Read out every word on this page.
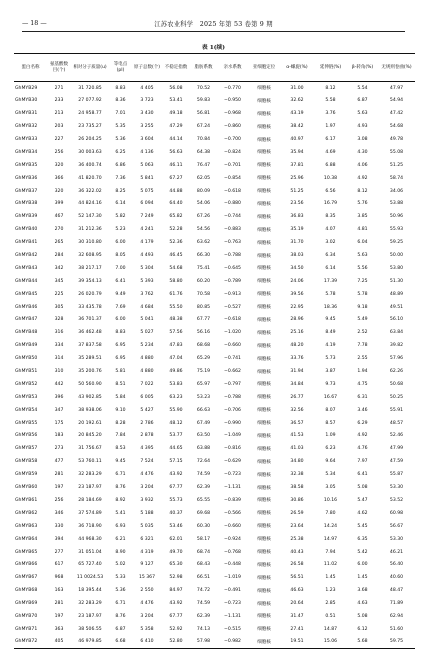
— 18 —	江苏农业科学　2025 年第 53 卷第 9 期
表 1(续)
蛋白名称	氨基酸数目(个)	相对分子质量(u)	等电点(pI)	原子总数(个)	不稳定指数	脂肪系数	亲水系数	亚细胞定位	α-螺旋(%)	延伸链(%)	β-转角(%)	无规则卷曲(%)
GhMYB29	271	31 720.85	8.83	4 405	56.08	70.52	−0.770	细胞核	31.00	8.12	5.54	47.97
GhMYB30	233	27 077.92	8.36	3 723	53.41	59.83	−0.950	细胞核	32.62	5.58	6.87	54.94
GhMYB31	213	24 958.77	7.01	3 430	49.18	56.81	−0.968	细胞核	43.19	3.76	5.63	47.42
GhMYB32	203	23 735.27	5.35	3 255	47.29	67.24	−0.860	细胞核	38.42	1.97	4.93	54.68
GhMYB33	227	26 204.25	5.36	3 604	44.14	70.84	−0.700	细胞核	40.97	6.17	3.08	49.78
GhMYB34	256	30 003.63	6.25	4 136	56.63	64.38	−0.824	细胞核	35.94	4.69	4.30	55.08
GhMYB35	320	36 400.74	6.86	5 063	46.11	76.47	−0.701	细胞核	37.81	6.88	4.06	51.25
GhMYB36	366	41 820.70	7.36	5 841	67.27	62.05	−0.854	细胞核	25.96	10.38	4.92	58.74
GhMYB37	320	36 322.02	8.25	5 075	44.88	80.09	−0.618	细胞核	51.25	6.56	8.12	34.06
GhMYB38	399	44 824.16	6.14	6 094	64.40	54.06	−0.880	细胞核	23.56	16.79	5.76	53.88
GhMYB39	467	52 147.30	5.82	7 249	65.82	67.26	−0.744	细胞核	36.83	8.35	3.85	50.96
GhMYB40	270	31 212.36	5.23	4 241	52.28	54.56	−0.883	细胞核	35.19	4.07	4.81	55.93
GhMYB41	265	30 310.80	6.00	4 179	52.36	63.62	−0.763	细胞核	31.70	3.02	6.04	59.25
GhMYB42	284	32 608.95	8.05	4 493	46.45	66.30	−0.788	细胞核	38.03	6.34	5.63	50.00
GhMYB43	342	38 217.17	7.00	5 304	54.68	75.41	−0.645	细胞核	34.50	6.14	5.56	53.80
GhMYB44	345	39 354.13	6.41	5 393	58.80	60.20	−0.789	细胞核	24.06	17.39	7.25	51.30
GhMYB45	225	26 020.79	9.49	3 762	61.76	70.58	−0.913	细胞核	39.56	5.78	5.78	48.89
GhMYB46	305	33 435.78	7.69	4 684	55.50	80.85	−0.527	细胞核	22.95	18.36	9.18	49.51
GhMYB47	328	36 701.37	6.00	5 041	48.38	67.77	−0.618	细胞核	28.96	9.45	5.49	56.10
GhMYB48	316	36 462.48	8.83	5 027	57.56	56.16	−1.020	细胞核	25.16	8.49	2.52	63.84
GhMYB49	334	37 837.58	6.95	5 234	47.83	68.68	−0.660	细胞核	48.20	4.19	7.78	39.82
GhMYB50	314	35 289.51	6.95	4 880	47.04	65.29	−0.741	细胞核	33.76	5.73	2.55	57.96
GhMYB51	310	35 200.76	5.81	4 880	49.86	75.19	−0.662	细胞核	31.94	3.87	1.94	62.26
GhMYB52	442	50 560.90	8.51	7 022	53.83	65.97	−0.797	细胞核	34.84	9.73	4.75	50.68
GhMYB53	396	43 902.85	5.84	6 005	63.23	53.23	−0.788	细胞核	26.77	16.67	6.31	50.25
GhMYB54	347	38 938.06	9.10	5 427	55.90	66.63	−0.706	细胞核	32.56	8.07	3.46	55.91
GhMYB55	175	20 192.61	8.28	2 786	48.12	67.49	−0.990	细胞核	36.57	8.57	6.29	48.57
GhMYB56	183	20 845.20	7.84	2 878	53.77	63.50	−1.049	细胞核	41.53	1.09	4.92	52.46
GhMYB57	273	31 756.67	8.53	4 395	44.65	63.88	−0.816	细胞核	41.03	6.23	4.76	47.99
GhMYB58	477	53 760.11	9.45	7 524	57.15	72.64	−0.629	细胞核	34.80	9.64	7.97	47.59
GhMYB59	281	32 283.29	6.71	4 476	43.92	74.59	−0.723	细胞核	32.38	5.34	6.41	55.87
GhMYB60	197	23 187.97	8.76	3 204	67.77	62.39	−1.131	细胞核	38.58	3.05	5.08	53.30
GhMYB61	256	28 184.69	8.92	3 932	55.73	65.55	−0.839	细胞核	30.86	10.16	5.47	53.52
GhMYB62	346	37 574.89	5.41	5 188	40.37	69.68	−0.566	细胞核	26.59	7.80	4.62	60.98
GhMYB63	330	36 718.90	6.93	5 035	53.46	60.30	−0.660	细胞核	23.64	14.24	5.45	56.67
GhMYB64	394	44 968.30	6.21	6 321	62.01	58.17	−0.924	细胞核	25.38	14.97	6.35	53.30
GhMYB65	277	31 051.04	8.90	4 319	49.70	68.74	−0.768	细胞核	40.43	7.94	5.42	46.21
GhMYB66	617	65 727.40	5.02	9 127	65.30	68.43	−0.448	细胞核	26.58	11.02	6.00	56.40
GhMYB67	968	11 0024.53	5.33	15 367	52.98	66.51	−1.019	细胞核	56.51	1.45	1.45	40.60
GhMYB68	163	18 395.44	5.36	2 550	84.97	74.72	−0.491	细胞核	46.63	1.23	3.68	48.47
GhMYB69	281	32 283.29	6.71	4 476	43.92	74.59	−0.723	细胞核	20.64	2.85	4.63	71.89
GhMYB70	197	23 187.97	8.76	3 204	67.77	62.39	−1.131	细胞核	31.47	0.51	5.08	62.94
GhMYB71	363	38 506.55	6.87	5 358	52.92	74.13	−0.515	细胞核	27.41	14.87	6.12	51.60
GhMYB72	405	46 979.85	6.68	6 410	52.80	57.98	−0.982	细胞核	19.51	15.06	5.68	59.75
